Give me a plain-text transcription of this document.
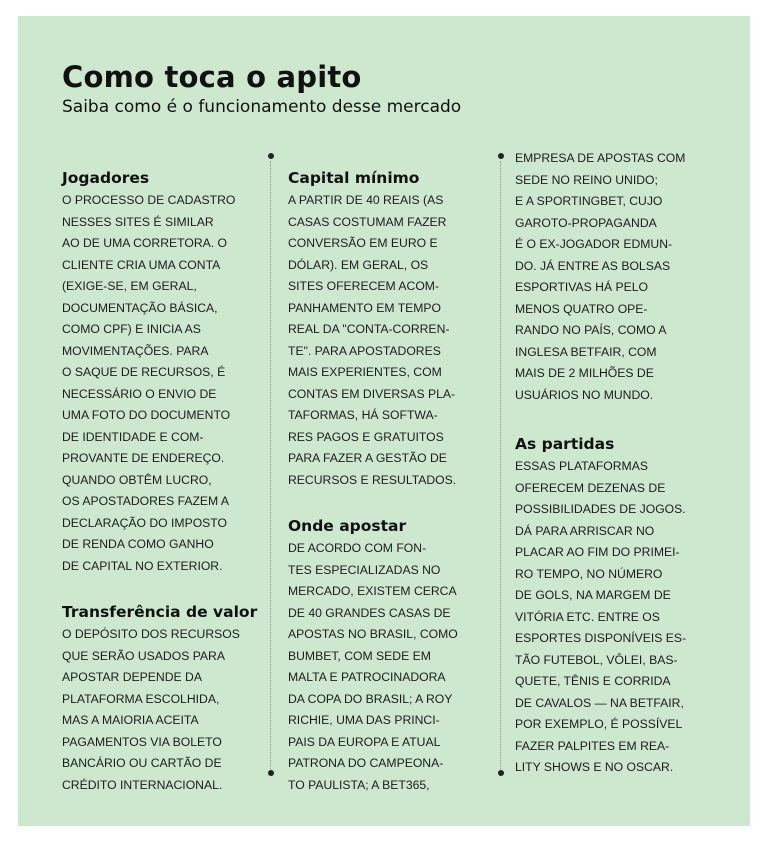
Como toca o apito

Saiba como é o funcionamento desse mercado

Jogadores
O PROCESSO DE CADASTRO
NESSES SITES É SIMILAR
AO DE UMA CORRETORA. O
CLIENTE CRIA UMA CONTA
(EXIGE-SE, EM GERAL,
DOCUMENTAÇÃO BÁSICA,
COMO CPF) E INICIA AS
MOVIMENTAÇÕES. PARA
O SAQUE DE RECURSOS, É
NECESSÁRIO O ENVIO DE
UMA FOTO DO DOCUMENTO
DE IDENTIDADE E COM-
PROVANTE DE ENDEREÇO.
QUANDO OBTÊM LUCRO,
OS APOSTADORES FAZEM A
DECLARAÇÃO DO IMPOSTO
DE RENDA COMO GANHO
DE CAPITAL NO EXTERIOR.
Transferência de valor
O DEPÓSITO DOS RECURSOS
QUE SERÃO USADOS PARA
APOSTAR DEPENDE DA
PLATAFORMA ESCOLHIDA,
MAS A MAIORIA ACEITA
PAGAMENTOS VIA BOLETO
BANCÁRIO OU CARTÃO DE
CRÉDITO INTERNACIONAL.
Capital mínimo
A PARTIR DE 40 REAIS (AS
CASAS COSTUMAM FAZER
CONVERSÃO EM EURO E
DÓLAR). EM GERAL, OS
SITES OFERECEM ACOM-
PANHAMENTO EM TEMPO
REAL DA "CONTA-CORREN-
TE". PARA APOSTADORES
MAIS EXPERIENTES, COM
CONTAS EM DIVERSAS PLA-
TAFORMAS, HÁ SOFTWA-
RES PAGOS E GRATUITOS
PARA FAZER A GESTÃO DE
RECURSOS E RESULTADOS.
Onde apostar
DE ACORDO COM FON-
TES ESPECIALIZADAS NO
MERCADO, EXISTEM CERCA
DE 40 GRANDES CASAS DE
APOSTAS NO BRASIL, COMO
BUMBET, COM SEDE EM
MALTA E PATROCINADORA
DA COPA DO BRASIL; A ROY
RICHIE, UMA DAS PRINCI-
PAIS DA EUROPA E ATUAL
PATRONA DO CAMPEONA-
TO PAULISTA; A BET365,
EMPRESA DE APOSTAS COM
SEDE NO REINO UNIDO;
E A SPORTINGBET, CUJO
GAROTO-PROPAGANDA
É O EX-JOGADOR EDMUN-
DO. JÁ ENTRE AS BOLSAS
ESPORTIVAS HÁ PELO
MENOS QUATRO OPE-
RANDO NO PAÍS, COMO A
INGLESA BETFAIR, COM
MAIS DE 2 MILHÕES DE
USUÁRIOS NO MUNDO.
As partidas
ESSAS PLATAFORMAS
OFERECEM DEZENAS DE
POSSIBILIDADES DE JOGOS.
DÁ PARA ARRISCAR NO
PLACAR AO FIM DO PRIMEI-
RO TEMPO, NO NÚMERO
DE GOLS, NA MARGEM DE
VITÓRIA ETC. ENTRE OS
ESPORTES DISPONÍVEIS ES-
TÃO FUTEBOL, VÔLEI, BAS-
QUETE, TÊNIS E CORRIDA
DE CAVALOS — NA BETFAIR,
POR EXEMPLO, É POSSÍVEL
FAZER PALPITES EM REA-
LITY SHOWS E NO OSCAR.
